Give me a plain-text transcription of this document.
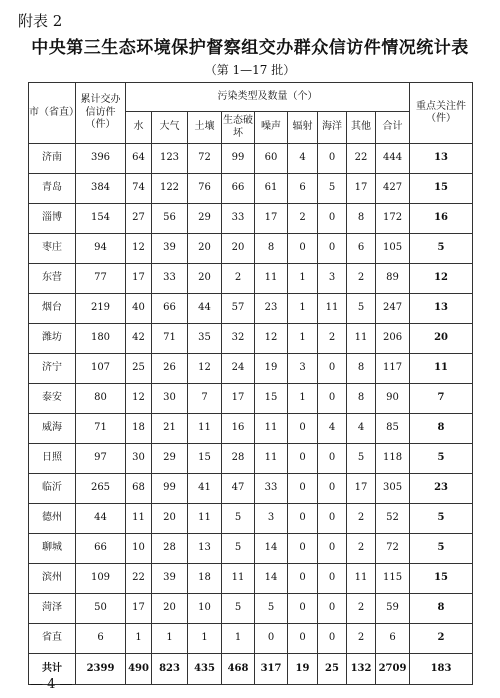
附表 2
中央第三生态环境保护督察组交办群众信访件情况统计表
（第 1—17 批）
市（省直）	累计交办信访件（件）	污染类型及数量（个）									重点关注件（件）
		水	大气	土壤	生态破坏	噪声	辐射	海洋	其他	合计	
济南	396	64	123	72	99	60	4	0	22	444	13
青岛	384	74	122	76	66	61	6	5	17	427	15
淄博	154	27	56	29	33	17	2	0	8	172	16
枣庄	94	12	39	20	20	8	0	0	6	105	5
东营	77	17	33	20	2	11	1	3	2	89	12
烟台	219	40	66	44	57	23	1	11	5	247	13
潍坊	180	42	71	35	32	12	1	2	11	206	20
济宁	107	25	26	12	24	19	3	0	8	117	11
泰安	80	12	30	7	17	15	1	0	8	90	7
威海	71	18	21	11	16	11	0	4	4	85	8
日照	97	30	29	15	28	11	0	0	5	118	5
临沂	265	68	99	41	47	33	0	0	17	305	23
德州	44	11	20	11	5	3	0	0	2	52	5
聊城	66	10	28	13	5	14	0	0	2	72	5
滨州	109	22	39	18	11	14	0	0	11	115	15
菏泽	50	17	20	10	5	5	0	0	2	59	8
省直	6	1	1	1	1	0	0	0	2	6	2
共计	2399	490	823	435	468	317	19	25	132	2709	183
— 4 —
